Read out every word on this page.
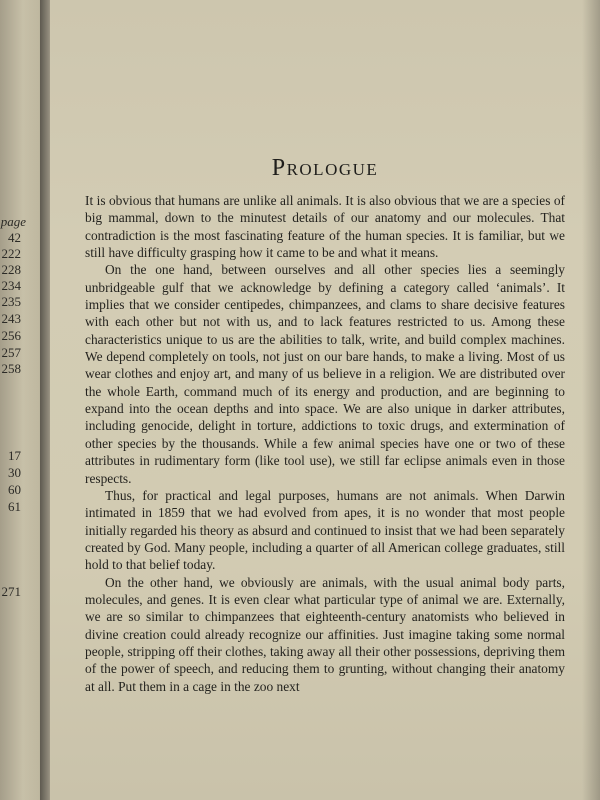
page
42
222
228
234
235
243
256
257
258
17
30
60
61
271
Prologue

It is obvious that humans are unlike all animals. It is also obvious that we are a species of big mammal, down to the minutest details of our anatomy and our molecules. That contradiction is the most fascinating feature of the human species. It is familiar, but we still have difficulty grasping how it came to be and what it means.

On the one hand, between ourselves and all other species lies a seemingly unbridgeable gulf that we acknowledge by defining a category called ‘animals’. It implies that we consider centipedes, chimpanzees, and clams to share decisive features with each other but not with us, and to lack features restricted to us. Among these characteristics unique to us are the abilities to talk, write, and build complex machines. We depend completely on tools, not just on our bare hands, to make a living. Most of us wear clothes and enjoy art, and many of us believe in a religion. We are distributed over the whole Earth, command much of its energy and production, and are beginning to expand into the ocean depths and into space. We are also unique in darker attributes, including genocide, delight in torture, addictions to toxic drugs, and extermination of other species by the thousands. While a few animal species have one or two of these attributes in rudimentary form (like tool use), we still far eclipse animals even in those respects.

Thus, for practical and legal purposes, humans are not animals. When Darwin intimated in 1859 that we had evolved from apes, it is no wonder that most people initially regarded his theory as absurd and continued to insist that we had been separately created by God. Many people, including a quarter of all American college graduates, still hold to that belief today.

On the other hand, we obviously are animals, with the usual animal body parts, molecules, and genes. It is even clear what particular type of animal we are. Externally, we are so similar to chimpanzees that eighteenth-century anatomists who believed in divine creation could already recognize our affinities. Just imagine taking some normal people, stripping off their clothes, taking away all their other possessions, depriving them of the power of speech, and reducing them to grunting, without changing their anatomy at all. Put them in a cage in the zoo next
